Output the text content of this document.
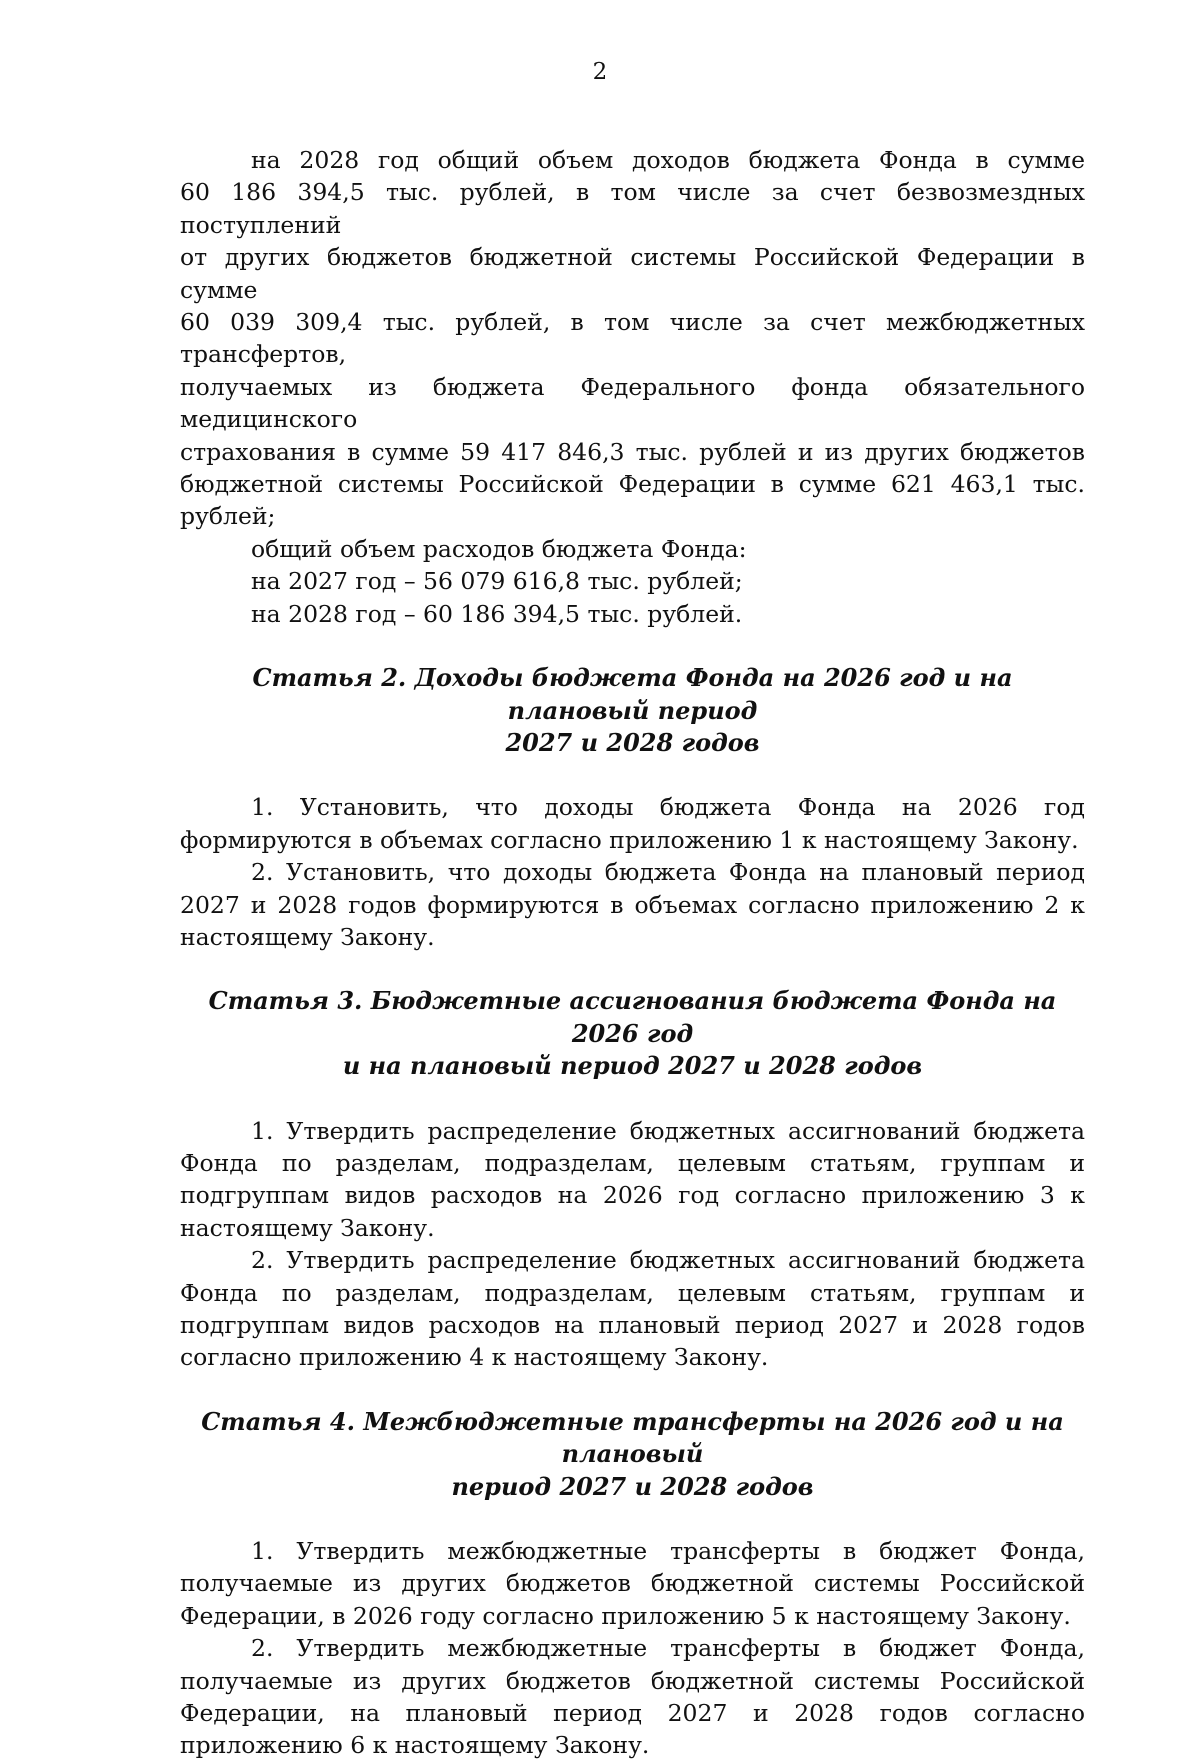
2

на 2028 год общий объем доходов бюджета Фонда в сумме

60 186 394,5 тыс. рублей, в том числе за счет безвозмездных поступлений

от других бюджетов бюджетной системы Российской Федерации в сумме

60 039 309,4 тыс. рублей, в том числе за счет межбюджетных трансфертов,

получаемых из бюджета Федерального фонда обязательного медицинского

страхования в сумме 59 417 846,3 тыс. рублей и из других бюджетов

бюджетной системы Российской Федерации в сумме 621 463,1 тыс.

рублей;

общий объем расходов бюджета Фонда:
на 2027 год – 56 079 616,8 тыс. рублей;
на 2028 год – 60 186 394,5 тыс. рублей.
Статья 2. Доходы бюджета Фонда на 2026 год и на плановый период
2027 и 2028 годов

1. Установить, что доходы бюджета Фонда на 2026 год формируются в объемах согласно приложению 1 к настоящему Закону.

2. Установить, что доходы бюджета Фонда на плановый период 2027 и 2028 годов формируются в объемах согласно приложению 2 к настоящему Закону.

Статья 3. Бюджетные ассигнования бюджета Фонда на 2026 год
и на плановый период 2027 и 2028 годов

1. Утвердить распределение бюджетных ассигнований бюджета Фонда по разделам, подразделам, целевым статьям, группам и подгруппам видов расходов на 2026 год согласно приложению 3 к настоящему Закону.

2. Утвердить распределение бюджетных ассигнований бюджета Фонда по разделам, подразделам, целевым статьям, группам и подгруппам видов расходов на плановый период 2027 и 2028 годов согласно приложению 4 к настоящему Закону.

Статья 4. Межбюджетные трансферты на 2026 год и на плановый
период 2027 и 2028 годов

1. Утвердить межбюджетные трансферты в бюджет Фонда, получаемые из других бюджетов бюджетной системы Российской Федерации, в 2026 году согласно приложению 5 к настоящему Закону.

2. Утвердить межбюджетные трансферты в бюджет Фонда, получаемые из других бюджетов бюджетной системы Российской Федерации, на плановый период 2027 и 2028 годов согласно приложению 6 к настоящему Закону.
